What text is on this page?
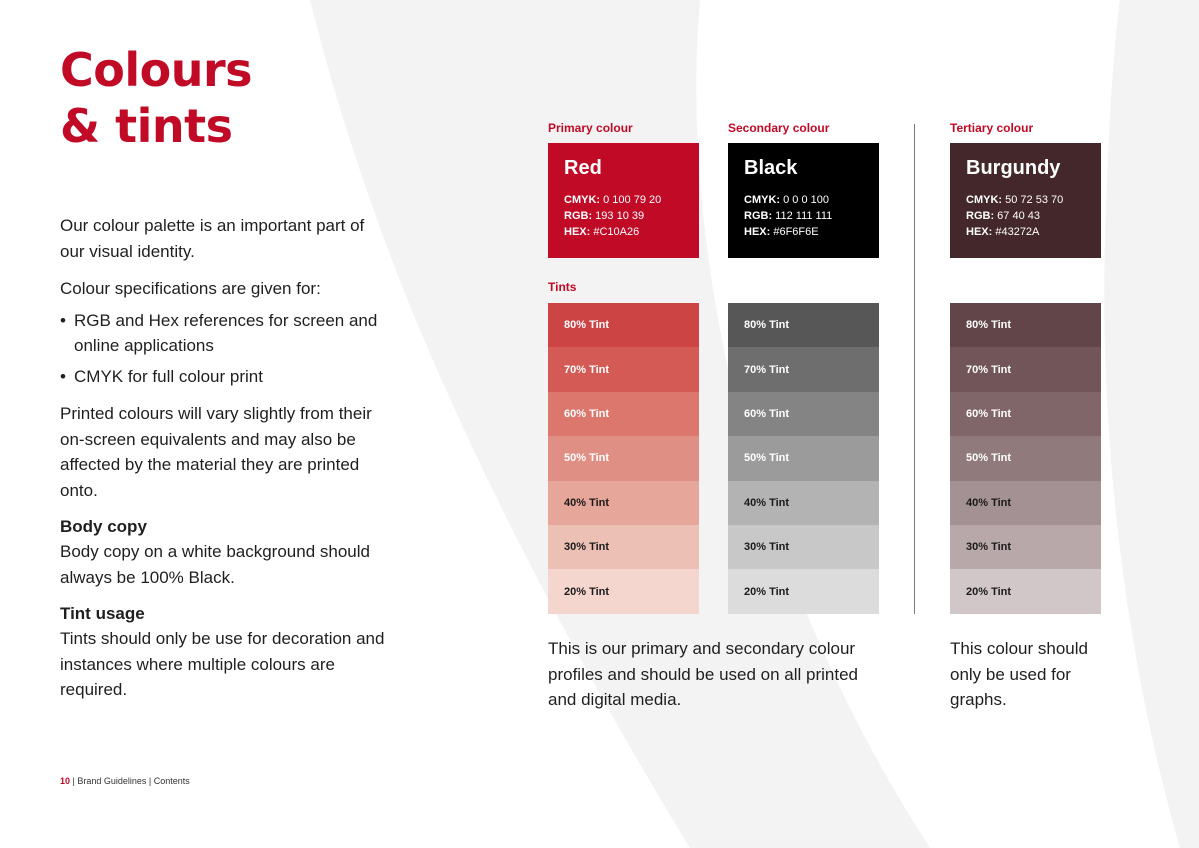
Colours
& tints

Our colour palette is an important part of our visual identity.

Colour specifications are given for:

• RGB and Hex references for screen and online applications
• CMYK for full colour print

Printed colours will vary slightly from their on-screen equivalents and may also be affected by the material they are printed onto.

Body copy

Body copy on a white background should always be 100% Black.

Tint usage

Tints should only be use for decoration and instances where multiple colours are required.

Primary colour	Secondary colour	Tertiary colour
Tints
Red
CMYK: 0 100 79 20
RGB: 193 10 39
HEX: #C10A26
Black
CMYK: 0 0 0 100
RGB: 112 111 111
HEX: #6F6F6E
Burgundy
CMYK: 50 72 53 70
RGB: 67 40 43
HEX: #43272A
80% Tint
70% Tint
60% Tint
50% Tint
40% Tint
30% Tint
20% Tint
80% Tint
70% Tint
60% Tint
50% Tint
40% Tint
30% Tint
20% Tint
80% Tint
70% Tint
60% Tint
50% Tint
40% Tint
30% Tint
20% Tint

This is our primary and secondary colour profiles and should be used on all printed and digital media.

This colour should only be used for graphs.

10 | Brand Guidelines | Contents
